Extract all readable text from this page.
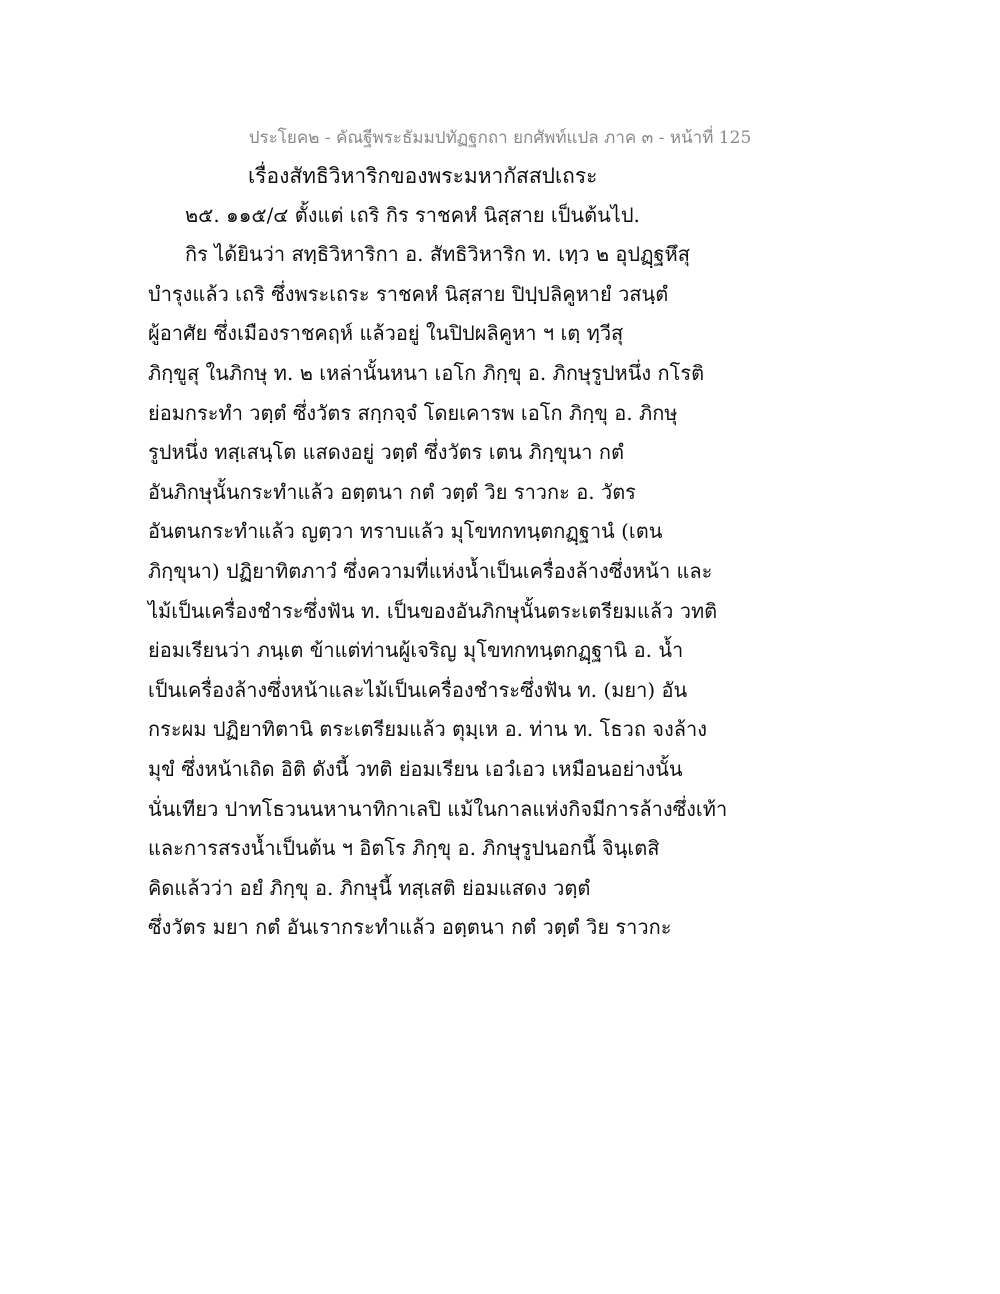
ประโยค๒ - คัณฐีพระธัมมปทัฏฐกถา ยกศัพท์แปล ภาค ๓ - หน้าที่ 125
เรื่องสัทธิวิหาริกของพระมหากัสสปเถระ
๒๕. ๑๑๕/๔ ตั้งแต่ เถริ กิร ราชคหํ นิสฺสาย เป็นต้นไป.
กิร ได้ยินว่า สทฺธิวิหาริกา อ. สัทธิวิหาริก ท. เทฺว ๒ อุปฏฺฐหึสุ
บำรุงแล้ว เถริ ซึ่งพระเถระ ราชคหํ นิสฺสาย ปิปฺปลิคูหายํ วสนฺตํ
ผู้อาศัย ซึ่งเมืองราชคฤห์ แล้วอยู่ ในปิปผลิคูหา ฯ เตฺ ทฺวีสุ
ภิกฺขูสุ ในภิกษุ ท. ๒ เหล่านั้นหนา เอโก ภิกฺขุ อ. ภิกษุรูปหนึ่ง กโรติ
ย่อมกระทำ วตฺตํ ซึ่งวัตร สกฺกจฺจํ โดยเคารพ เอโก ภิกฺขุ อ. ภิกษุ
รูปหนึ่ง ทสฺเสนฺโต แสดงอยู่ วตฺตํ ซึ่งวัตร เตน ภิกฺขุนา กตํ
อันภิกษุนั้นกระทำแล้ว อตฺตนา กตํ วตฺตํ วิย ราวกะ อ. วัตร
อันตนกระทำแล้ว ญตฺวา ทราบแล้ว มุโขทกทนฺตกฏฺฐานํ (เตน
ภิกฺขุนา) ปฏิยาทิตภาวํ ซึ่งความที่แห่งน้ำเป็นเครื่องล้างซึ่งหน้า และ
ไม้เป็นเครื่องชำระซึ่งฟัน ท. เป็นของอันภิกษุนั้นตระเตรียมแล้ว วทติ
ย่อมเรียนว่า ภนฺเต ข้าแต่ท่านผู้เจริญ มุโขทกทนฺตกฏฺฐานิ อ. น้ำ
เป็นเครื่องล้างซึ่งหน้าและไม้เป็นเครื่องชำระซึ่งฟัน ท. (มยา) อัน
กระผม ปฏิยาทิตานิ ตระเตรียมแล้ว ตุมฺเห อ. ท่าน ท. โธวถ จงล้าง
มุขํ ซึ่งหน้าเถิด อิติ ดังนี้ วทติ ย่อมเรียน เอวํเอว เหมือนอย่างนั้น
นั่นเทียว ปาทโธวนนหานาทิกาเลปิ แม้ในกาลแห่งกิจมีการล้างซึ่งเท้า
และการสรงน้ำเป็นต้น ฯ อิตโร ภิกฺขุ อ. ภิกษุรูปนอกนี้ จินฺเตสิ
คิดแล้วว่า อยํ ภิกฺขุ อ. ภิกษุนี้ ทสฺเสติ ย่อมแสดง วตฺตํ
ซึ่งวัตร มยา กตํ อันเรากระทำแล้ว อตฺตนา กตํ วตฺตํ วิย ราวกะ
